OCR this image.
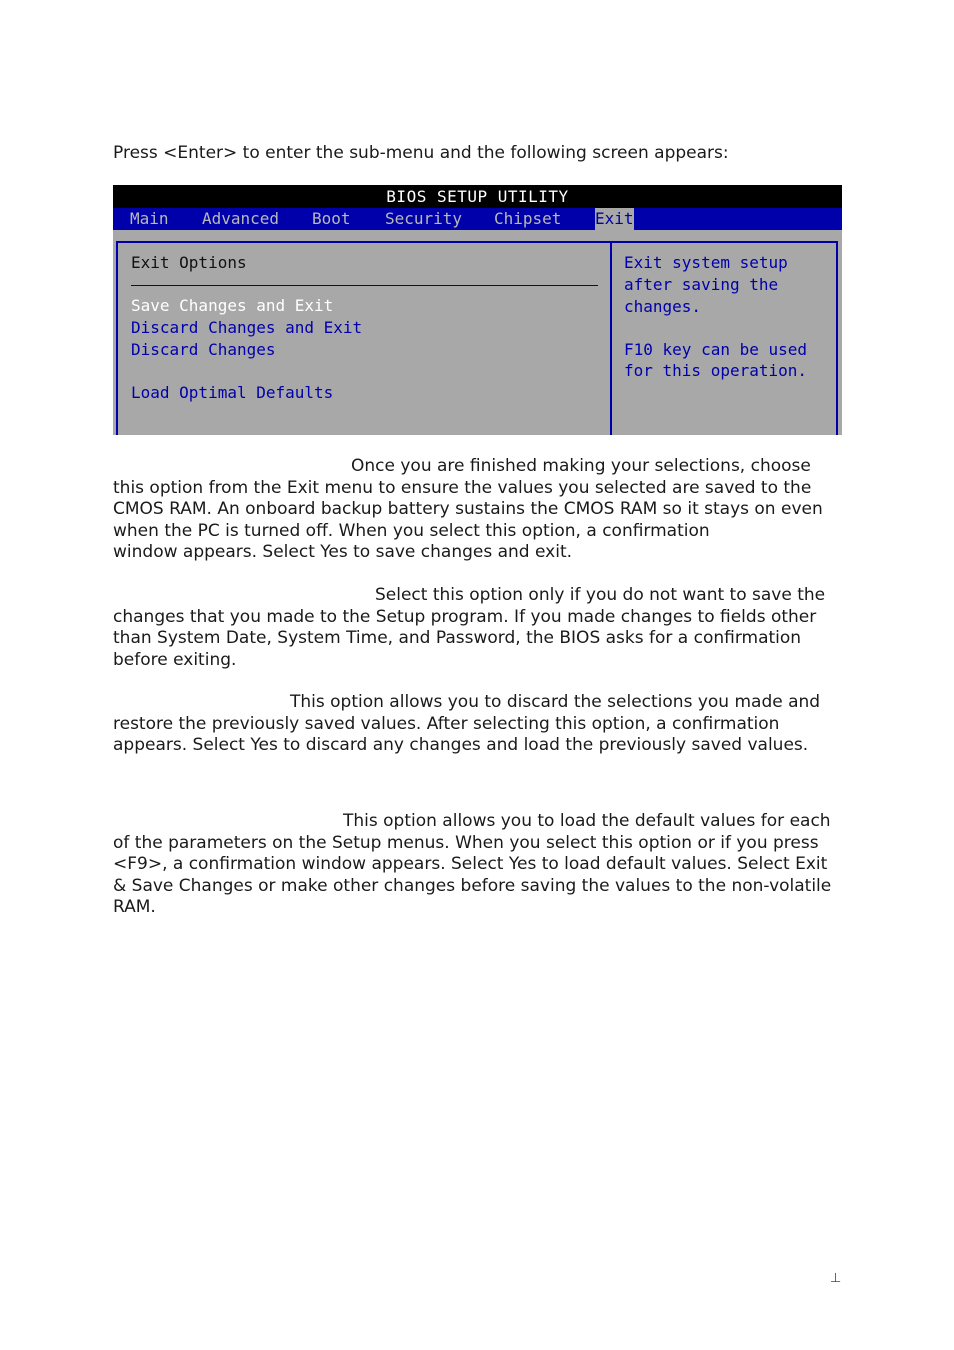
Press <Enter> to enter the sub-menu and the following screen appears:
BIOS SETUP UTILITY
Main Advanced Boot Security Chipset Exit
Exit Options
Save Changes and Exit
Discard Changes and Exit
Discard Changes
Load Optimal Defaults
Exit system setup
after saving the
changes.
F10 key can be used
for this operation.
Once you are finished making your selections, choose
this option from the Exit menu to ensure the values you selected are saved to the
CMOS RAM. An onboard backup battery sustains the CMOS RAM so it stays on even
when the PC is turned off. When you select this option, a confirmation
window appears. Select Yes to save changes and exit.
Select this option only if you do not want to save the
changes that you made to the Setup program. If you made changes to fields other
than System Date, System Time, and Password, the BIOS asks for a confirmation
before exiting.
This option allows you to discard the selections you made and
restore the previously saved values. After selecting this option, a confirmation
appears. Select Yes to discard any changes and load the previously saved values.
This option allows you to load the default values for each
of the parameters on the Setup menus. When you select this option or if you press
<F9>, a confirmation window appears. Select Yes to load default values. Select Exit
& Save Changes or make other changes before saving the values to the non-volatile
RAM.
⊥
